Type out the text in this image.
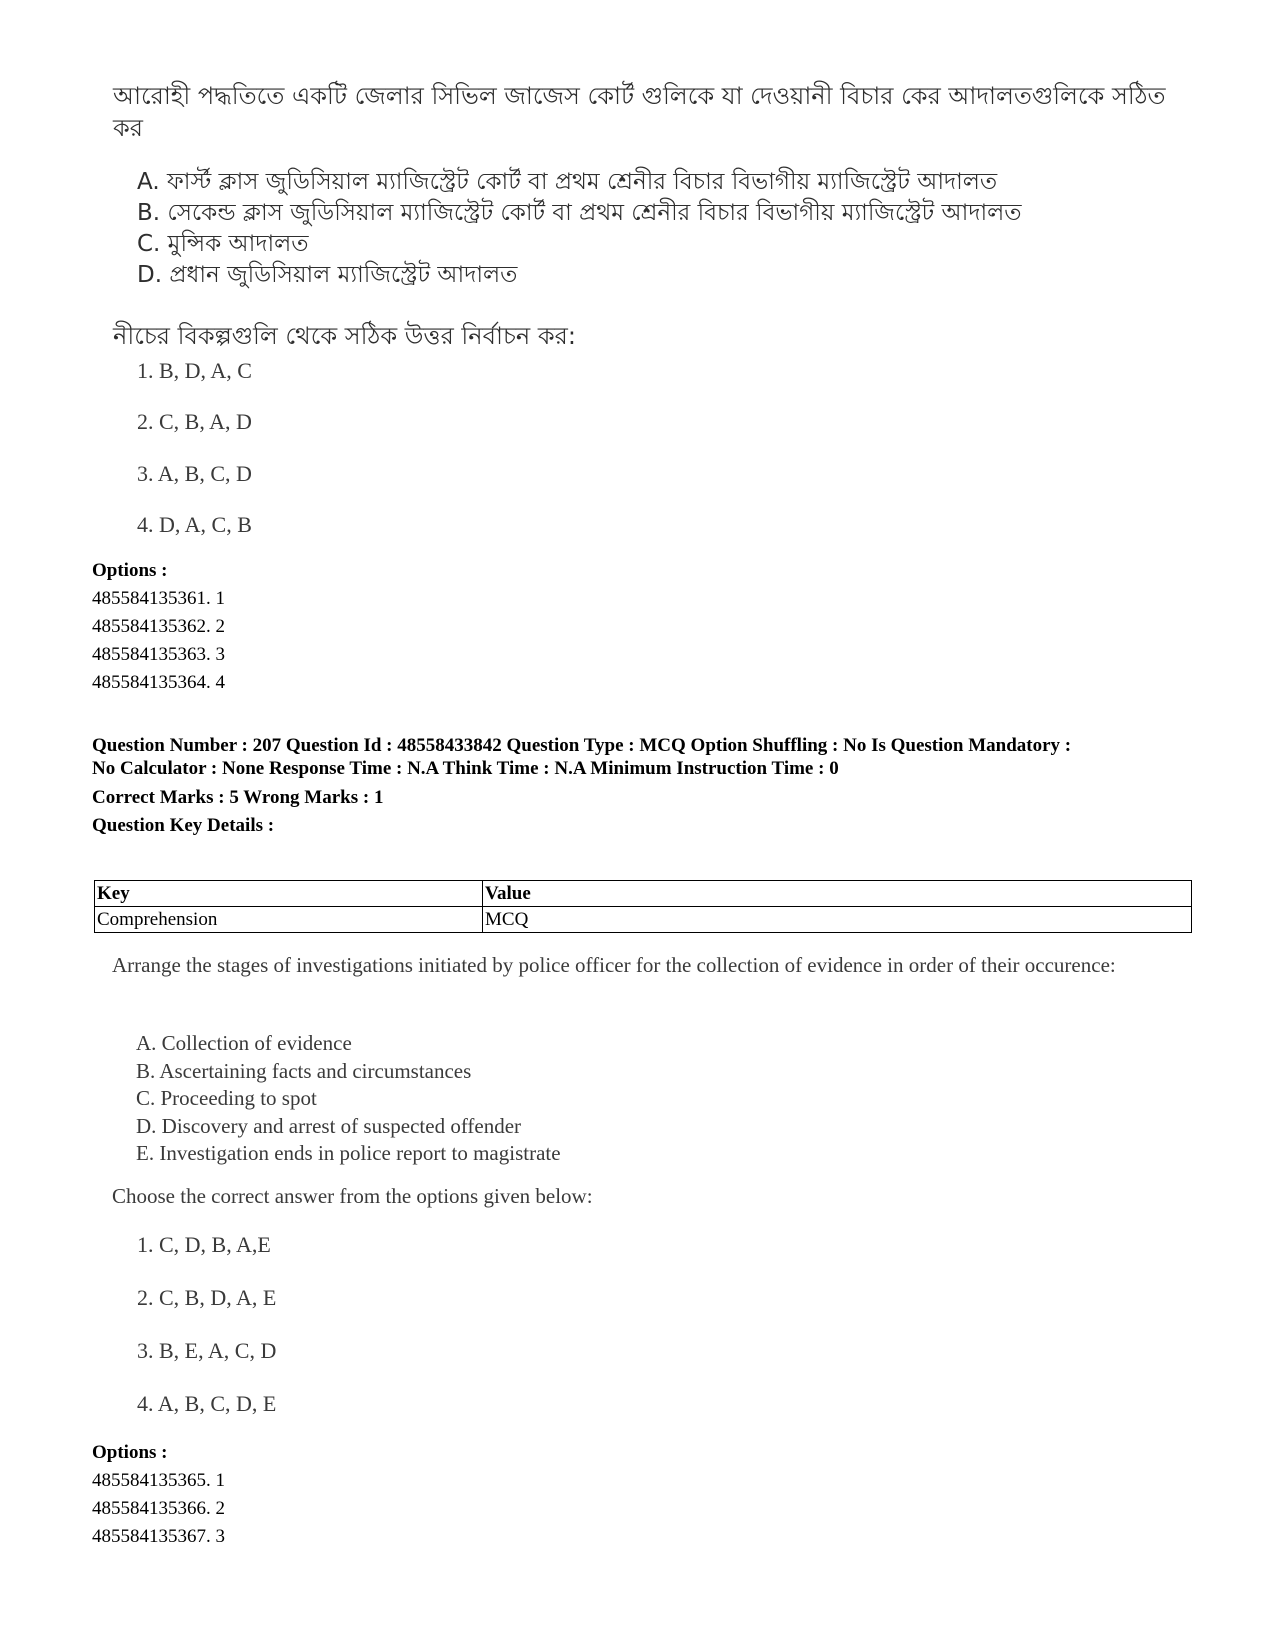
আরোহী পদ্ধতিতে একটি জেলার সিভিল জাজেস কোর্ট গুলিকে যা দেওয়ানী বিচার কের আদালতগুলিকে সঠিত কর
A. ফার্স্ট ক্লাস জুডিসিয়াল ম্যাজিস্ট্রেট কোর্ট বা প্রথম শ্রেনীর বিচার বিভাগীয় ম্যাজিস্ট্রেট আদালত
B. সেকেন্ড ক্লাস জুডিসিয়াল ম্যাজিস্ট্রেট কোর্ট বা প্রথম শ্রেনীর বিচার বিভাগীয় ম্যাজিস্ট্রেট আদালত
C. মুন্সিক আদালত
D. প্রধান জুডিসিয়াল ম্যাজিস্ট্রেট আদালত
নীচের বিকল্পগুলি থেকে সঠিক উত্তর নির্বাচন কর:
1. B, D, A, C
2. C, B, A, D
3. A, B, C, D
4. D, A, C, B
Options :
485584135361. 1
485584135362. 2
485584135363. 3
485584135364. 4
Question Number : 207 Question Id : 48558433842 Question Type : MCQ Option Shuffling : No Is Question Mandatory :
No Calculator : None Response Time : N.A Think Time : N.A Minimum Instruction Time : 0
Correct Marks : 5 Wrong Marks : 1
Question Key Details :
Key	Value
Comprehension	MCQ
Arrange the stages of investigations initiated by police officer for the collection of evidence in order of their occurence:
A. Collection of evidence
B. Ascertaining facts and circumstances
C. Proceeding to spot
D. Discovery and arrest of suspected offender
E. Investigation ends in police report to magistrate
Choose the correct answer from the options given below:
1. C, D, B, A,E
2. C, B, D, A, E
3. B, E, A, C, D
4. A, B, C, D, E
Options :
485584135365. 1
485584135366. 2
485584135367. 3
